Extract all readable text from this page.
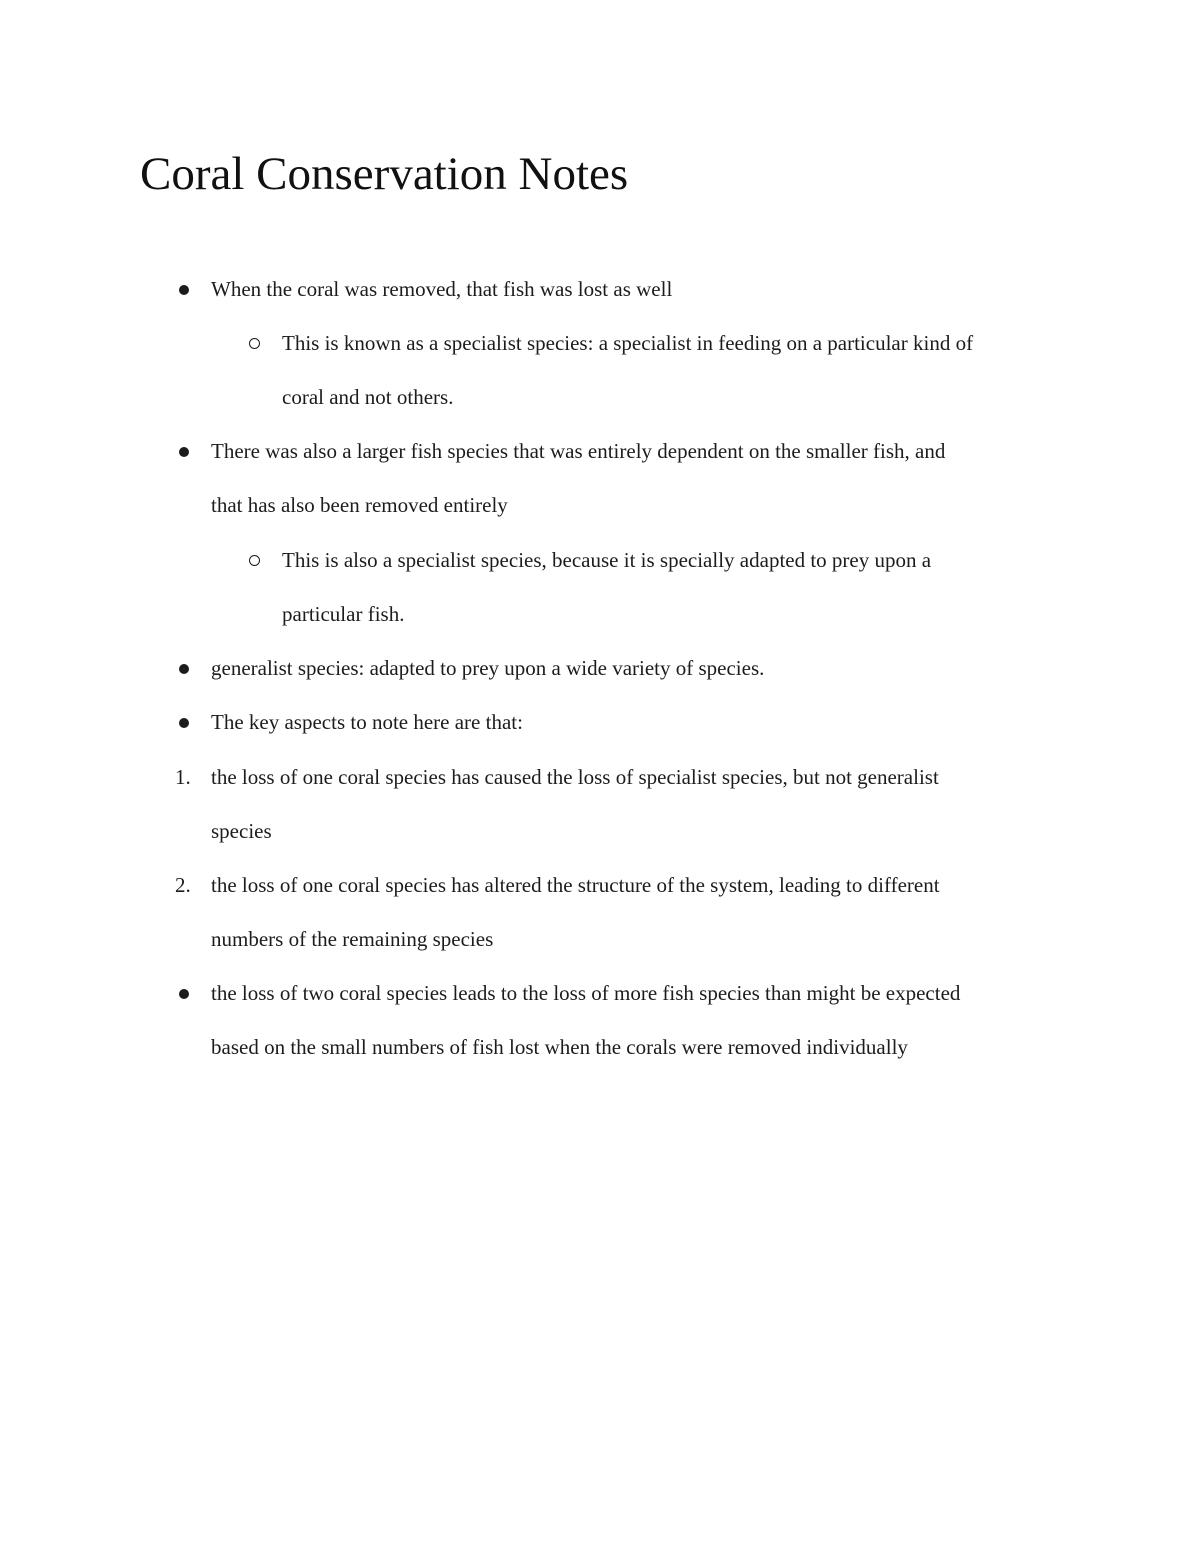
Coral Conservation Notes
When the coral was removed, that fish was lost as well
This is known as a specialist species: a specialist in feeding on a particular kind of
coral and not others.
There was also a larger fish species that was entirely dependent on the smaller fish, and
that has also been removed entirely
This is also a specialist species, because it is specially adapted to prey upon a
particular fish.
generalist species: adapted to prey upon a wide variety of species.
The key aspects to note here are that:
1. the loss of one coral species has caused the loss of specialist species, but not generalist
species
2. the loss of one coral species has altered the structure of the system, leading to different
numbers of the remaining species
the loss of two coral species leads to the loss of more fish species than might be expected
based on the small numbers of fish lost when the corals were removed individually
